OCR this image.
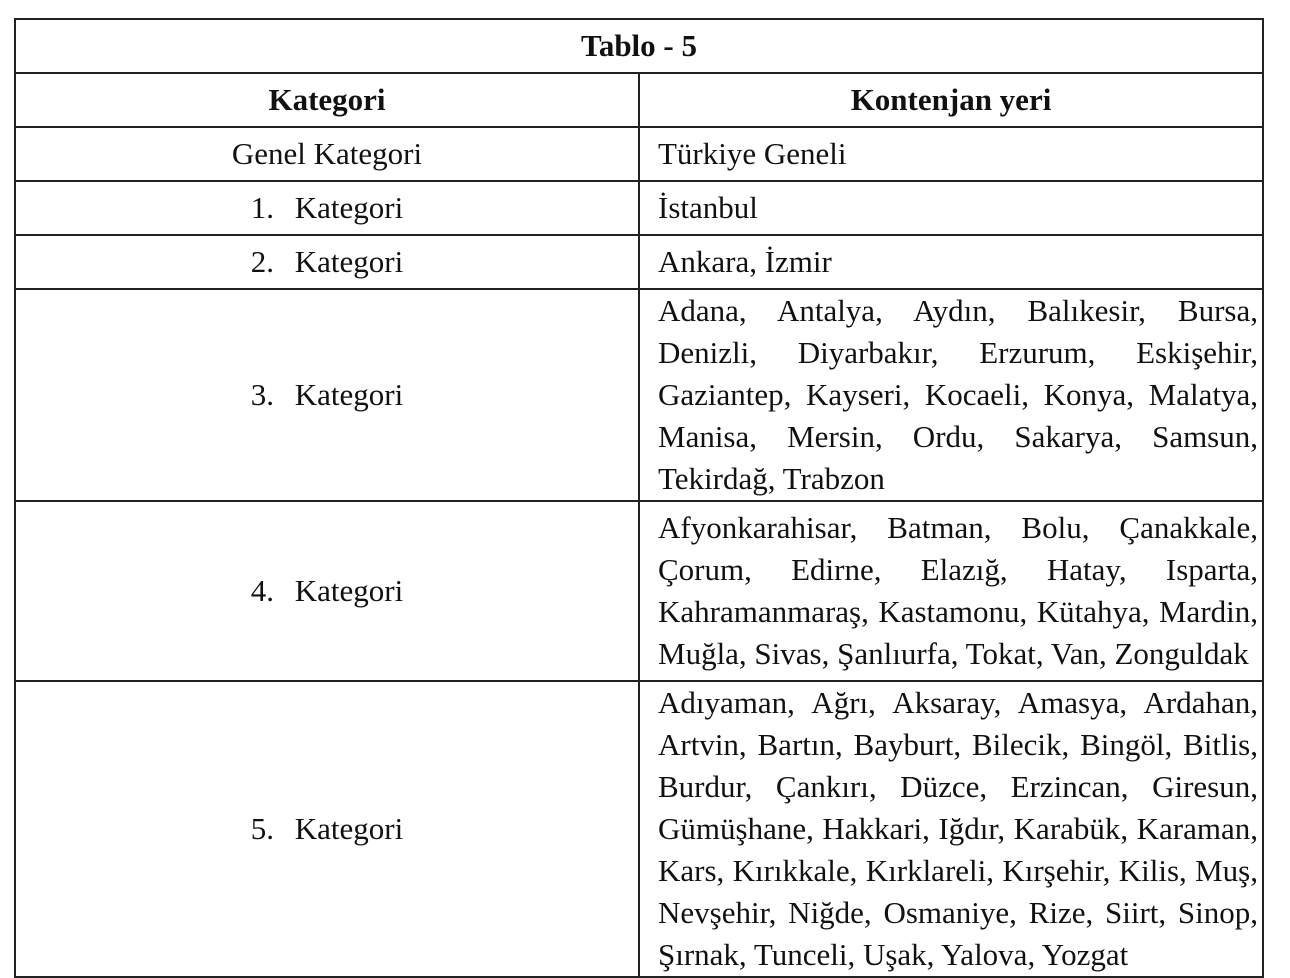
Tablo - 5	
Kategori	Kontenjan yeri
Genel Kategori	Türkiye Geneli
1. Kategori	İstanbul
2. Kategori	Ankara, İzmir
3. Kategori	Adana, Antalya, Aydın, Balıkesir, Bursa, Denizli, Diyarbakır, Erzurum, Eskişehir, Gaziantep, Kayseri, Kocaeli, Konya, Malatya, Manisa, Mersin, Ordu, Sakarya, Samsun, Tekirdağ, Trabzon
4. Kategori	Afyonkarahisar, Batman, Bolu, Çanakkale, Çorum, Edirne, Elazığ, Hatay, Isparta, Kahramanmaraş, Kastamonu, Kütahya, Mardin, Muğla, Sivas, Şanlıurfa, Tokat, Van, Zonguldak
5. Kategori	Adıyaman, Ağrı, Aksaray, Amasya, Ardahan, Artvin, Bartın, Bayburt, Bilecik, Bingöl, Bitlis, Burdur, Çankırı, Düzce, Erzincan, Giresun, Gümüşhane, Hakkari, Iğdır, Karabük, Karaman, Kars, Kırıkkale, Kırklareli, Kırşehir, Kilis, Muş, Nevşehir, Niğde, Osmaniye, Rize, Siirt, Sinop, Şırnak, Tunceli, Uşak, Yalova, Yozgat
